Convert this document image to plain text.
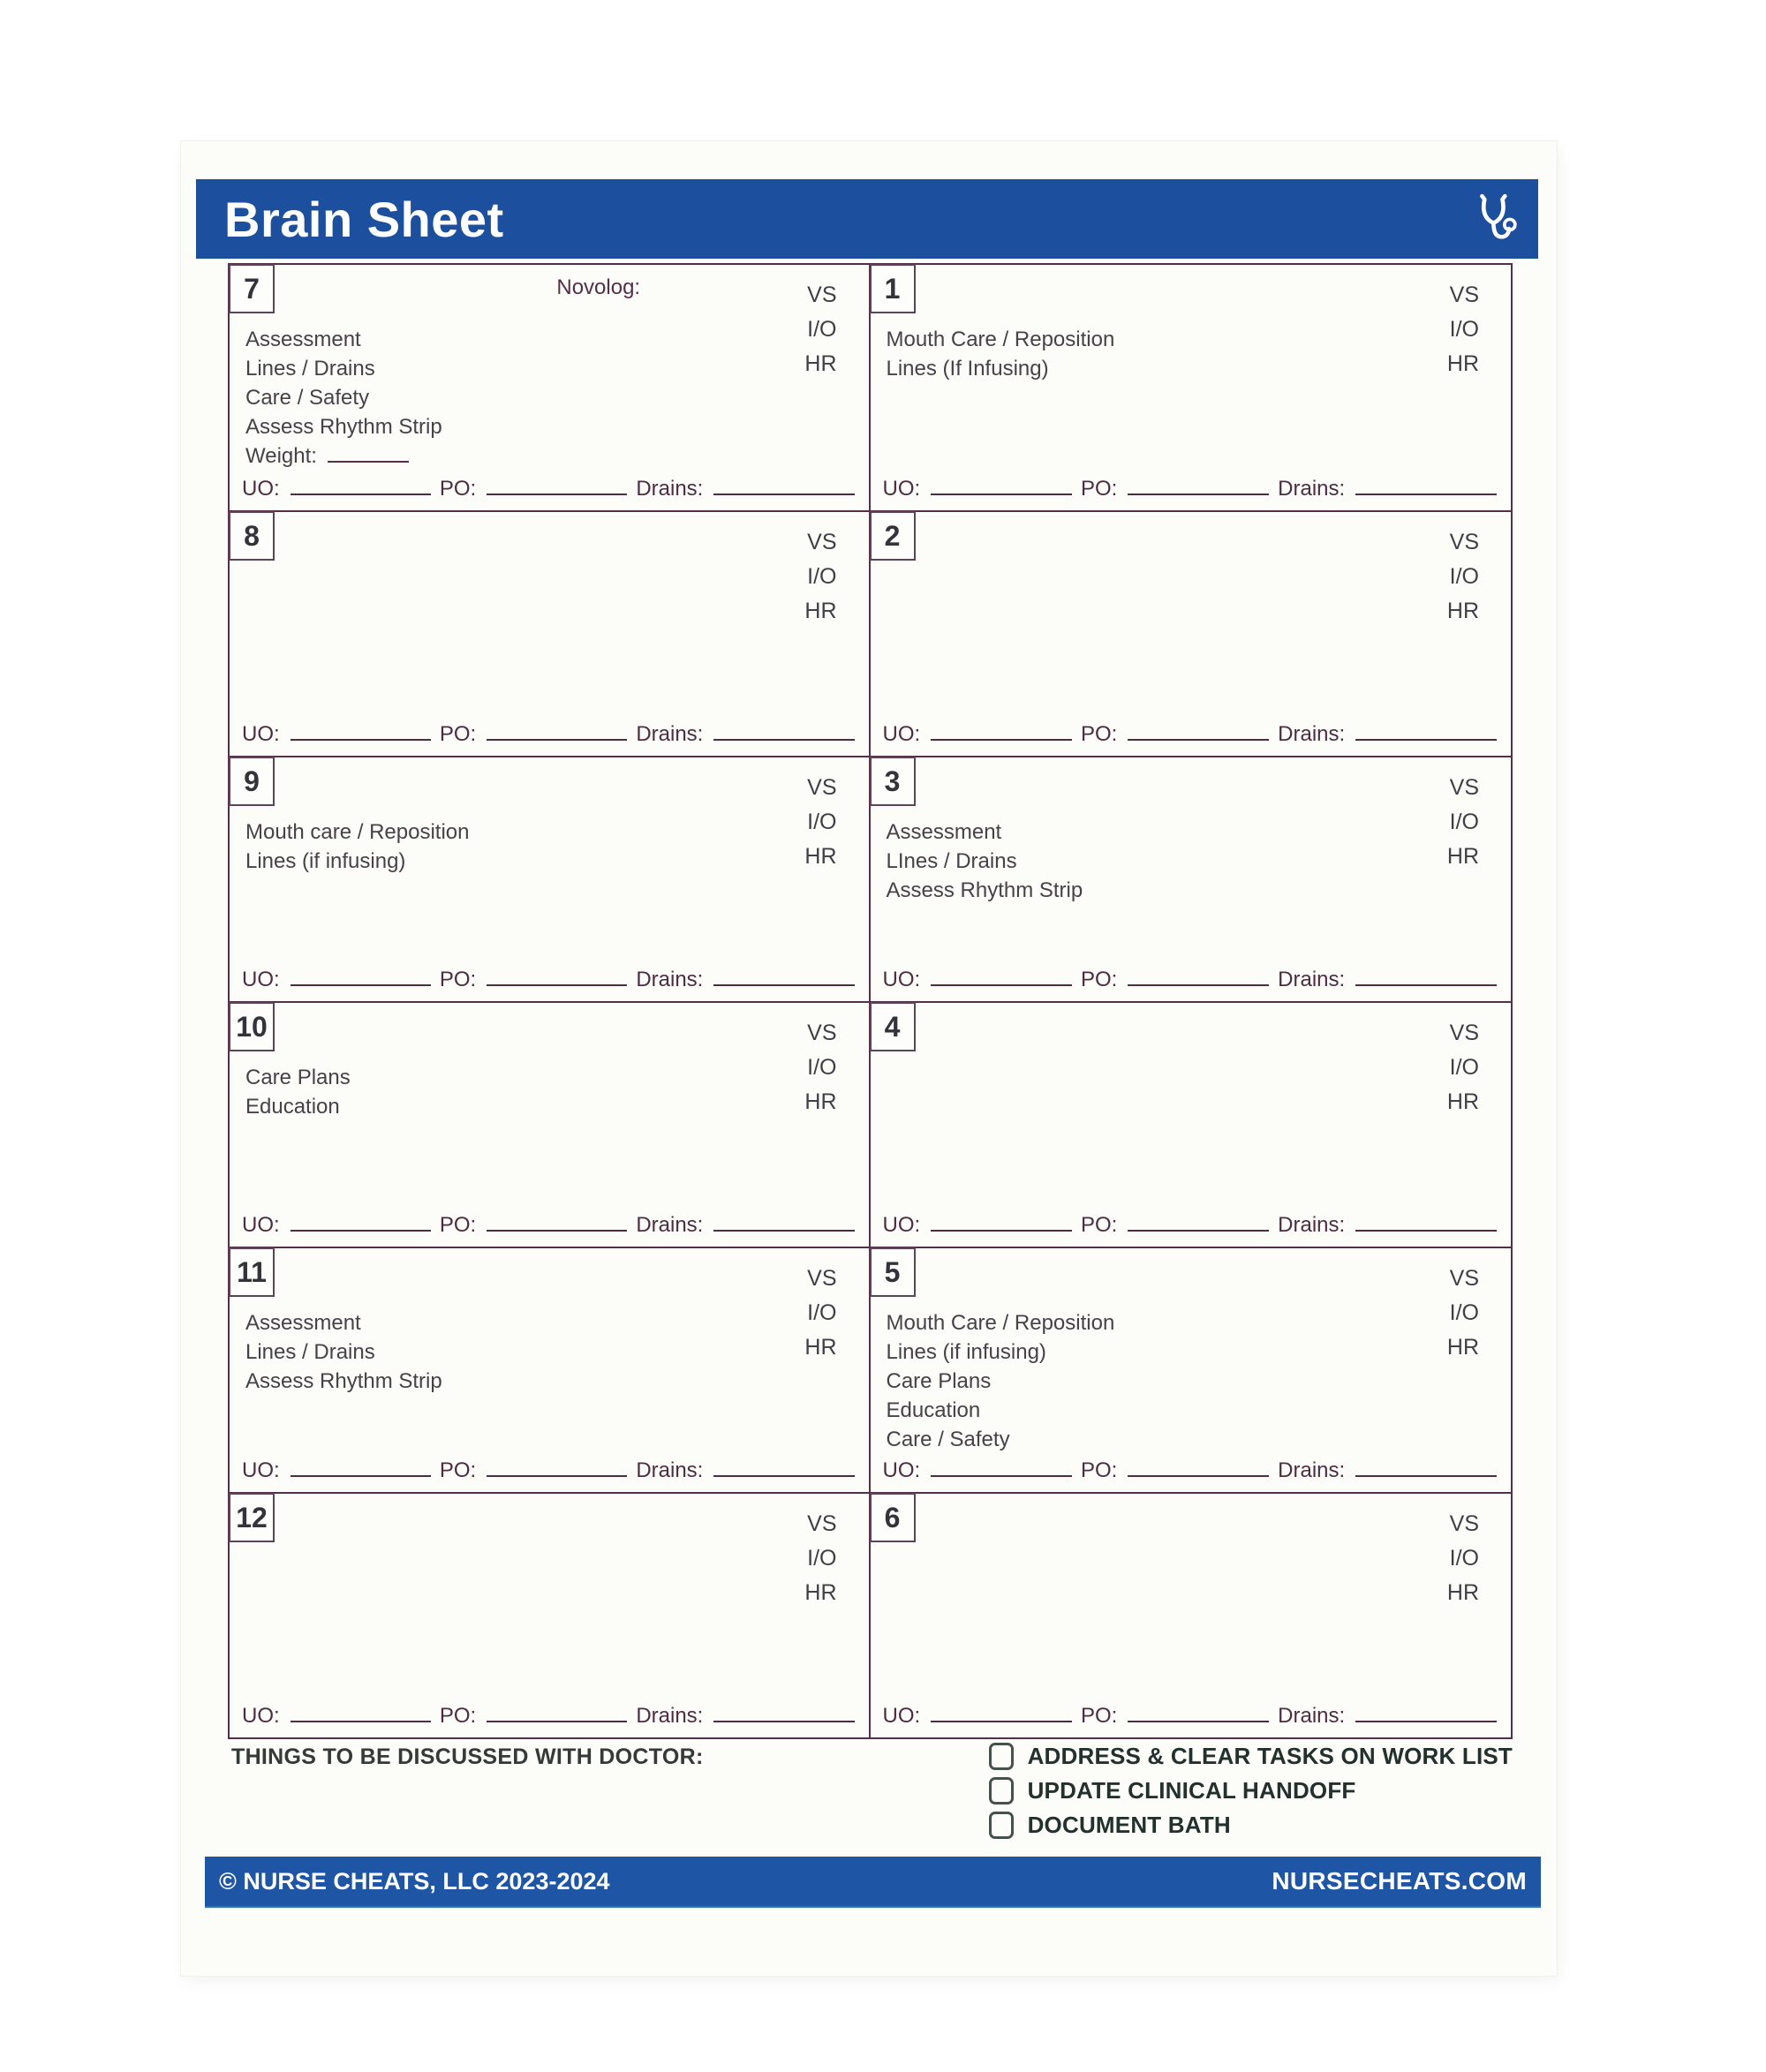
Brain Sheet
7	Novolog:	VS
I/O
HR
Assessment
Lines / Drains
Care / Safety
Assess Rhythm Strip
Weight:
UO:	PO:	Drains:
1	VS
I/O
HR
Mouth Care / Reposition
Lines (If Infusing)
UO:	PO:	Drains:
8	VS
I/O
HR
UO:	PO:	Drains:
2	VS
I/O
HR
UO:	PO:	Drains:
9	VS
I/O
HR
Mouth care / Reposition
Lines (if infusing)
UO:	PO:	Drains:
3	VS
I/O
HR
Assessment
LInes / Drains
Assess Rhythm Strip
UO:	PO:	Drains:
10	VS
I/O
HR
Care Plans
Education
UO:	PO:	Drains:
4	VS
I/O
HR
UO:	PO:	Drains:
11	VS
I/O
HR
Assessment
Lines / Drains
Assess Rhythm Strip
UO:	PO:	Drains:
5	VS
I/O
HR
Mouth Care / Reposition
Lines (if infusing)
Care Plans
Education
Care / Safety
UO:	PO:	Drains:
12	VS
I/O
HR
UO:	PO:	Drains:
6	VS
I/O
HR
UO:	PO:	Drains:
THINGS TO BE DISCUSSED WITH DOCTOR:	ADDRESS & CLEAR TASKS ON WORK LIST
UPDATE CLINICAL HANDOFF
DOCUMENT BATH
© NURSE CHEATS, LLC 2023-2024	NURSECHEATS.COM
